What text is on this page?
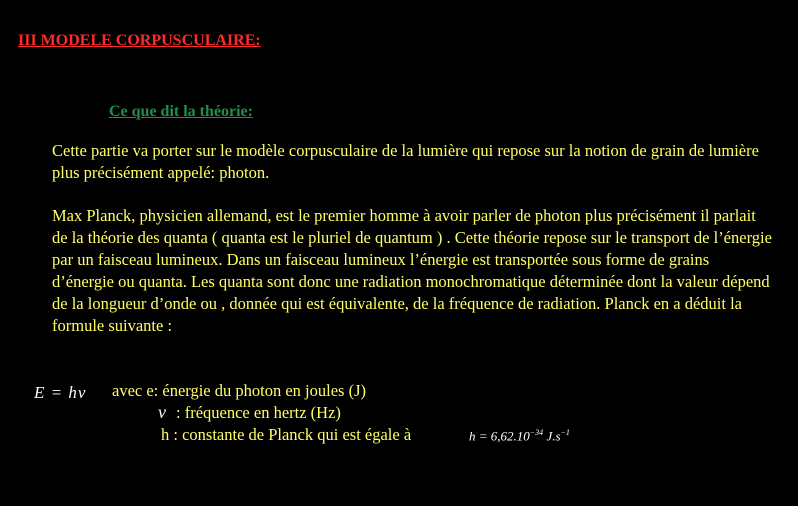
III MODELE CORPUSCULAIRE:
Ce que dit la théorie:

Cette partie va porter sur le modèle corpusculaire de la lumière qui repose sur la notion de grain de lumière plus précisément appelé: photon.

Max Planck, physicien allemand, est le premier homme à avoir parler de photon plus précisément il parlait de la théorie des quanta ( quanta est le pluriel de quantum ) . Cette théorie repose sur le transport de l’énergie par un faisceau lumineux. Dans un faisceau lumineux l’énergie est transportée sous forme de grains d’énergie ou quanta. Les quanta sont donc une radiation monochromatique déterminée dont la valeur dépend de la longueur d’onde ou , donnée qui est équivalente, de la fréquence de radiation. Planck en a déduit la formule suivante :

E = hν avec e: énergie du photon en joules (J)
ν : fréquence en hertz (Hz)
h : constante de Planck qui est égale à	$h = 6,62.10^{-34}$ $J.s^{-1}$
